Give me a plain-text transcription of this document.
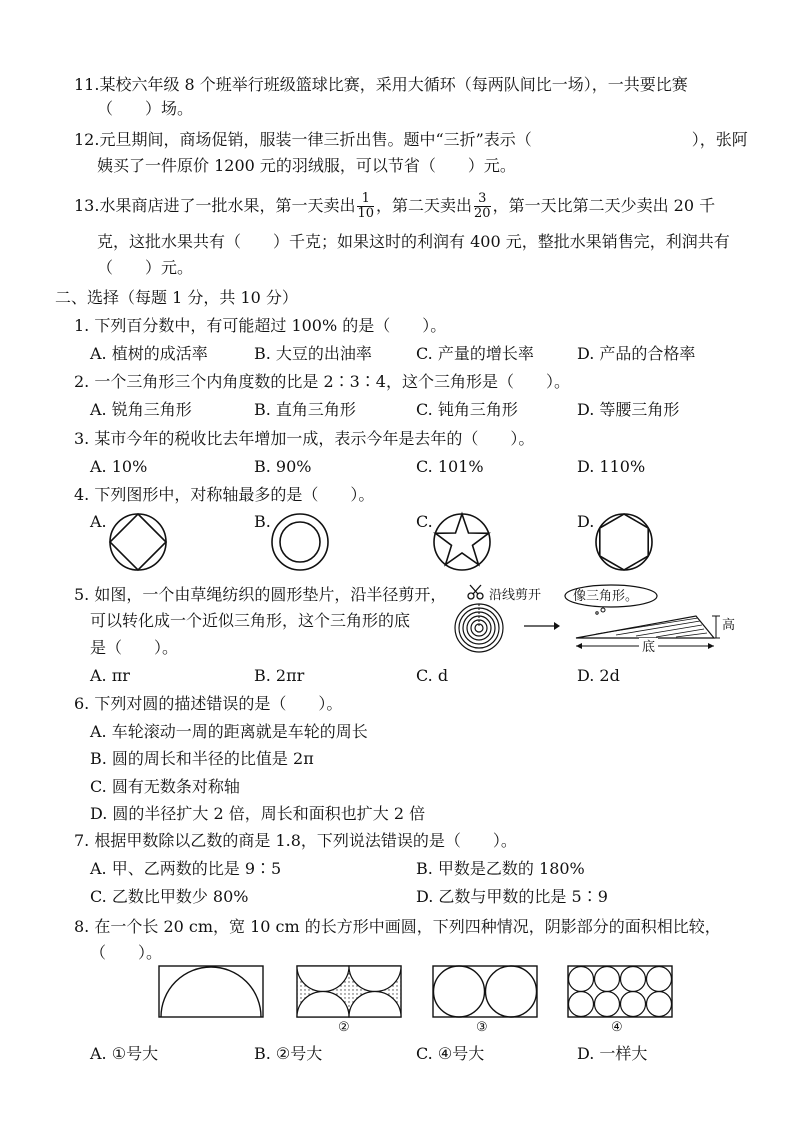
11.某校六年级 8 个班举行班级篮球比赛，采用大循环（每两队间比一场），一共要比赛
（　　）场。
12.元旦期间，商场促销，服装一律三折出售。题中“三折”表示（　　　　　　　　　　），张阿
姨买了一件原价 1200 元的羽绒服，可以节省（　　）元。
13.水果商店进了一批水果，第一天卖出 $\frac{1}{10}$ ，第二天卖出 $\frac{3}{20}$ ，第一天比第二天少卖出 20 千
克，这批水果共有（　　）千克；如果这时的利润有 400 元，整批水果销售完，利润共有
（　　）元。
二、选择（每题 1 分，共 10 分）
1. 下列百分数中，有可能超过 100% 的是（　　）。
A. 植树的成活率	B. 大豆的出油率	C. 产量的增长率	D. 产品的合格率
2. 一个三角形三个内角度数的比是 2∶3∶4，这个三角形是（　　）。
A. 锐角三角形	B. 直角三角形	C. 钝角三角形	D. 等腰三角形
3. 某市今年的税收比去年增加一成，表示今年是去年的（　　）。
A. 10%	B. 90%	C. 101%	D. 110%
4. 下列图形中，对称轴最多的是（　　）。
A.	B.	C.	D.
5. 如图，一个由草绳纺织的圆形垫片，沿半径剪开，
可以转化成一个近似三角形，这个三角形的底
是（　　）。
沿线剪开 像三角形。
高
底
A. πr	B. 2πr	C. d	D. 2d
6. 下列对圆的描述错误的是（　　）。
A. 车轮滚动一周的距离就是车轮的周长
B. 圆的周长和半径的比值是 2π
C. 圆有无数条对称轴
D. 圆的半径扩大 2 倍，周长和面积也扩大 2 倍
7. 根据甲数除以乙数的商是 1.8，下列说法错误的是（　　）。
A. 甲、乙两数的比是 9∶5	B. 甲数是乙数的 180%
C. 乙数比甲数少 80%	D. 乙数与甲数的比是 5∶9
8. 在一个长 20 cm，宽 10 cm 的长方形中画圆，下列四种情况，阴影部分的面积相比较，
（　　）。
②	③	④
A. ①号大	B. ②号大	C. ④号大	D. 一样大
